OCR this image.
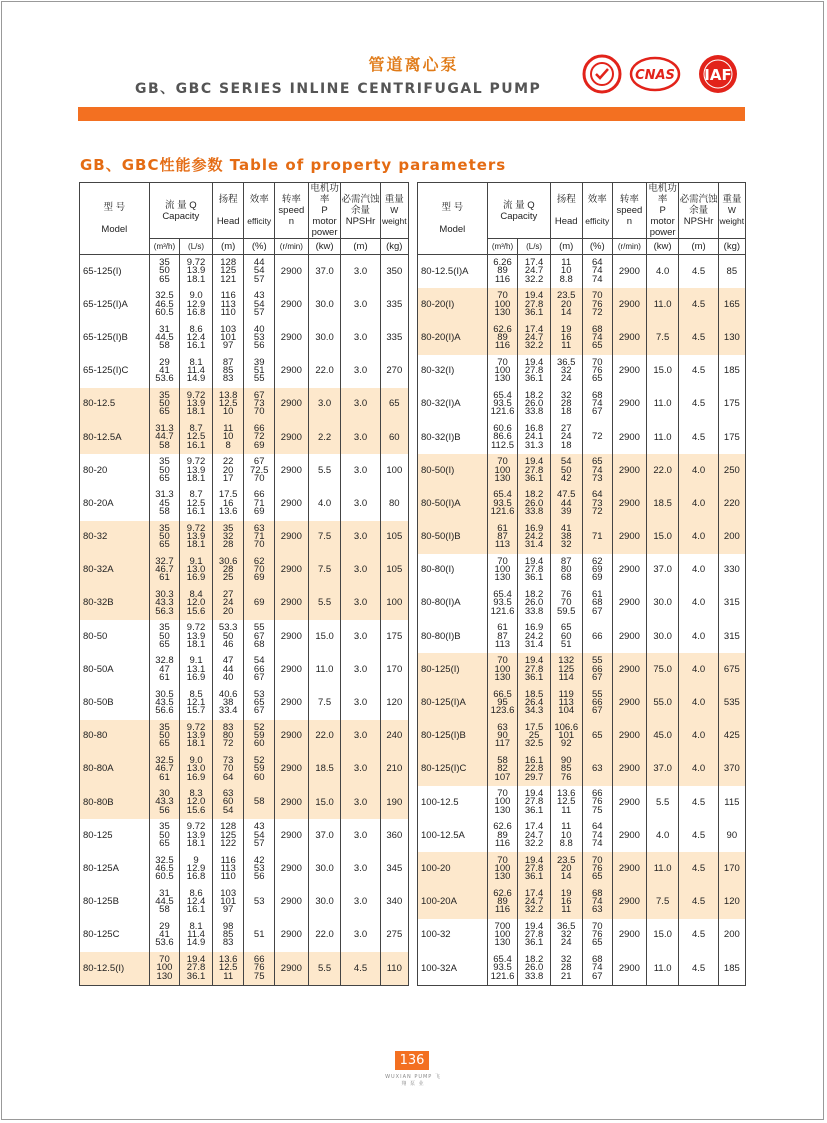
管道离心泵
GB、GBC SERIES INLINE CENTRIFUGAL PUMP
CNAS IAF
GB、GBC性能参数 Table of property parameters
型 号

Model	流 量 Q
Capacity		扬程

Head	效率

efficity	转率
speed n	电机功率
P motor power	必需汽蚀余量
NPSHr	重量
W weight
	(m³/h)	(L/s)	(m)	(%)	(r/min)	(kw)	(m)	(kg)
65-125(I)	35
50
65	9.72
13.9
18.1	128
125
121	44
54
57	2900	37.0	3.0	350
65-125(I)A	32.5
46.5
60.5	9.0
12.9
16.8	116
113
110	43
54
57	2900	30.0	3.0	335
65-125(I)B	31
44.5
58	8.6
12.4
16.1	103
101
97	40
53
56	2900	30.0	3.0	335
65-125(I)C	29
41
53.6	8.1
11.4
14.9	87
85
83	39
51
55	2900	22.0	3.0	270
80-12.5	35
50
65	9.72
13.9
18.1	13.8
12.5
10	67
73
70	2900	3.0	3.0	65
80-12.5A	31.3
44.7
58	8.7
12.5
16.1	11
10
8	66
72
69	2900	2.2	3.0	60
80-20	35
50
65	9.72
13.9
18.1	22
20
17	67
72.5
70	2900	5.5	3.0	100
80-20A	31.3
45
58	8.7
12.5
16.1	17.5
16
13.6	66
71
69	2900	4.0	3.0	80
80-32	35
50
65	9.72
13.9
18.1	35
32
28	63
71
70	2900	7.5	3.0	105
80-32A	32.7
46.7
61	9.1
13.0
16.9	30.6
28
25	62
70
69	2900	7.5	3.0	105
80-32B	30.3
43.3
56.3	8.4
12.0
15.6	27
24
20	69	2900	5.5	3.0	100
80-50	35
50
65	9.72
13.9
18.1	53.3
50
46	55
67
68	2900	15.0	3.0	175
80-50A	32.8
47
61	9.1
13.1
16.9	47
44
40	54
66
67	2900	11.0	3.0	170
80-50B	30.5
43.5
56.6	8.5
12.1
15.7	40.6
38
33.4	53
65
67	2900	7.5	3.0	120
80-80	35
50
65	9.72
13.9
18.1	83
80
72	52
59
60	2900	22.0	3.0	240
80-80A	32.5
46.7
61	9.0
13.0
16.9	73
70
64	52
59
60	2900	18.5	3.0	210
80-80B	30
43.3
56	8.3
12.0
15.6	63
60
54	58	2900	15.0	3.0	190
80-125	35
50
65	9.72
13.9
18.1	128
125
122	43
54
57	2900	37.0	3.0	360
80-125A	32.5
46.5
60.5	9
12.9
16.8	116
113
110	42
53
56	2900	30.0	3.0	345
80-125B	31
44.5
58	8.6
12.4
16.1	103
101
97	53	2900	30.0	3.0	340
80-125C	29
41
53.6	8.1
11.4
14.9	98
85
83	51	2900	22.0	3.0	275
80-12.5(I)	70
100
130	19.4
27.8
36.1	13.6
12.5
11	66
76
75	2900	5.5	4.5	110
型 号

Model	流 量 Q
Capacity		扬程

Head	效率

efficity	转率
speed n	电机功率
P motor power	必需汽蚀余量
NPSHr	重量
W weight
	(m³/h)	(L/s)	(m)	(%)	(r/min)	(kw)	(m)	(kg)
80-12.5(I)A	6.26
89
116	17.4
24.7
32.2	11
10
8.8	64
74
74	2900	4.0	4.5	85
80-20(I)	70
100
130	19.4
27.8
36.1	23.5
20
14	70
76
72	2900	11.0	4.5	165
80-20(I)A	62.6
89
116	17.4
24.7
32.2	19
16
11	68
74
65	2900	7.5	4.5	130
80-32(I)	70
100
130	19.4
27.8
36.1	36.5
32
24	70
76
65	2900	15.0	4.5	185
80-32(I)A	65.4
93.5
121.6	18.2
26.0
33.8	32
28
18	68
74
67	2900	11.0	4.5	175
80-32(I)B	60.6
86.6
112.5	16.8
24.1
31.3	27
24
18	72	2900	11.0	4.5	175
80-50(I)	70
100
130	19.4
27.8
36.1	54
50
42	65
74
73	2900	22.0	4.0	250
80-50(I)A	65.4
93.5
121.6	18.2
26.0
33.8	47.5
44
39	64
73
72	2900	18.5	4.0	220
80-50(I)B	61
87
113	16.9
24.2
31.4	41
38
32	71	2900	15.0	4.0	200
80-80(I)	70
100
130	19.4
27.8
36.1	87
80
68	62
69
69	2900	37.0	4.0	330
80-80(I)A	65.4
93.5
121.6	18.2
26.0
33.8	76
70
59.5	61
68
67	2900	30.0	4.0	315
80-80(I)B	61
87
113	16.9
24.2
31.4	65
60
51	66	2900	30.0	4.0	315
80-125(I)	70
100
130	19.4
27.8
36.1	132
125
114	55
66
67	2900	75.0	4.0	675
80-125(I)A	66.5
95
123.6	18.5
26.4
34.3	119
113
104	55
66
67	2900	55.0	4.0	535
80-125(I)B	63
90
117	17.5
25
32.5	106.6
101
92	65	2900	45.0	4.0	425
80-125(I)C	58
82
107	16.1
22.8
29.7	90
85
76	63	2900	37.0	4.0	370
100-12.5	70
100
130	19.4
27.8
36.1	13.6
12.5
11	66
76
75	2900	5.5	4.5	115
100-12.5A	62.6
89
116	17.4
24.7
32.2	11
10
8.8	64
74
74	2900	4.0	4.5	90
100-20	70
100
130	19.4
27.8
36.1	23.5
20
14	70
76
65	2900	11.0	4.5	170
100-20A	62.6
89
116	17.4
24.7
32.2	19
16
11	68
74
63	2900	7.5	4.5	120
100-32	700
100
130	19.4
27.8
36.1	36.5
32
24	70
76
65	2900	15.0	4.5	200
100-32A	65.4
93.5
121.6	18.2
26.0
33.8	32
28
21	68
74
67	2900	11.0	4.5	185
136
WUXIAN PUMP 飞 翔 泵 业
